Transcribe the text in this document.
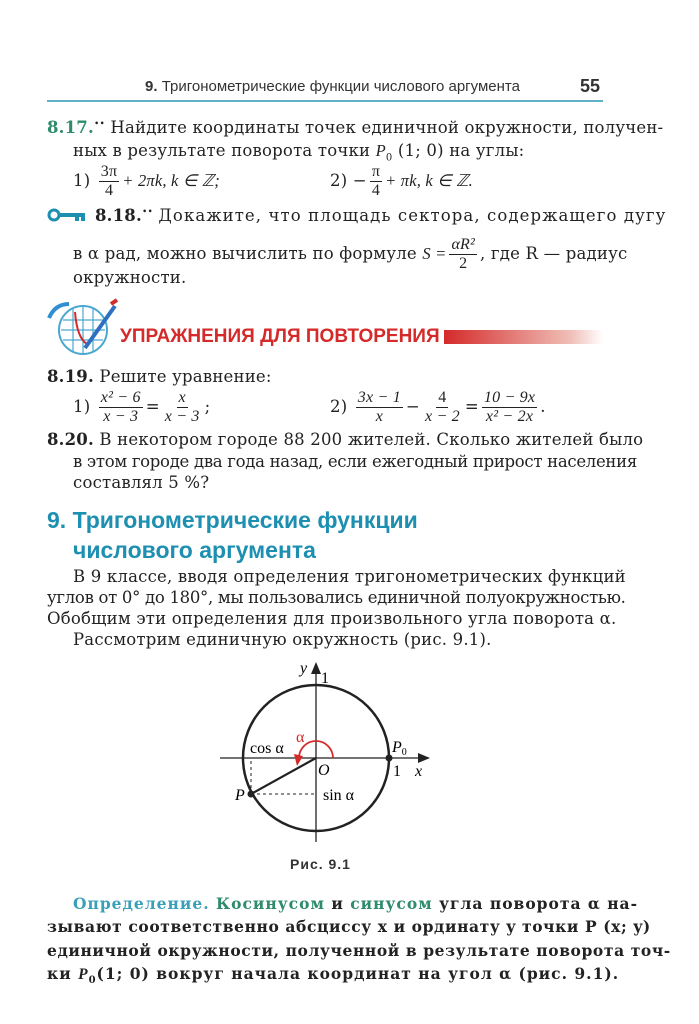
9. Тригонометрические функции числового аргумента	55
8.17.•• Найдите координаты точек единичной окружности, получен-
ных в результате поворота точки $P_0$ (1; 0) на углы:
$1) \frac{3\pi}{4} + 2\pi k$, k ∈ ℤ;	$2) - \frac{\pi}{4} + \pi k$, k ∈ ℤ.
8.18.•• Докажите, что площадь сектора, содержащего дугу
в α рад, можно вычислить по формуле $S = \frac{\text{αR²}}{2}$ , где R — радиус
окружности.
УПРАЖНЕНИЯ ДЛЯ ПОВТОРЕНИЯ
8.19. Решите уравнение:
$1) \frac{\text{x² − 6}}{x - 3} = \frac{x}{x - 3}$ ;	$2) \frac{3x - 1}{x} - \frac{4}{x - 2} = \frac{10 - 9x}{\text{x² − 2x}}$ .
8.20. В некотором городе 88 200 жителей. Сколько жителей было
в этом городе два года назад, если ежегодный прирост населения
составлял 5 %?
9. Тригонометрические функции
числового аргумента
В 9 классе, вводя определения тригонометрических функций
углов от 0° до 180°, мы пользовались единичной полуокружностью.
Обобщим эти определения для произвольного угла поворота α.
Рассмотрим единичную окружность (рис. 9.1).
y
1
x
1
O
P0
P
α
cos α
sin α
Рис. 9.1
Определение. Косинусом и синусом угла поворота α на-
зывают соответственно абсциссу x и ординату y точки P (x; y)
единичной окружности, полученной в результате поворота точ-
ки $P_0(1$; 0) вокруг начала координат на угол α (рис. 9.1).
